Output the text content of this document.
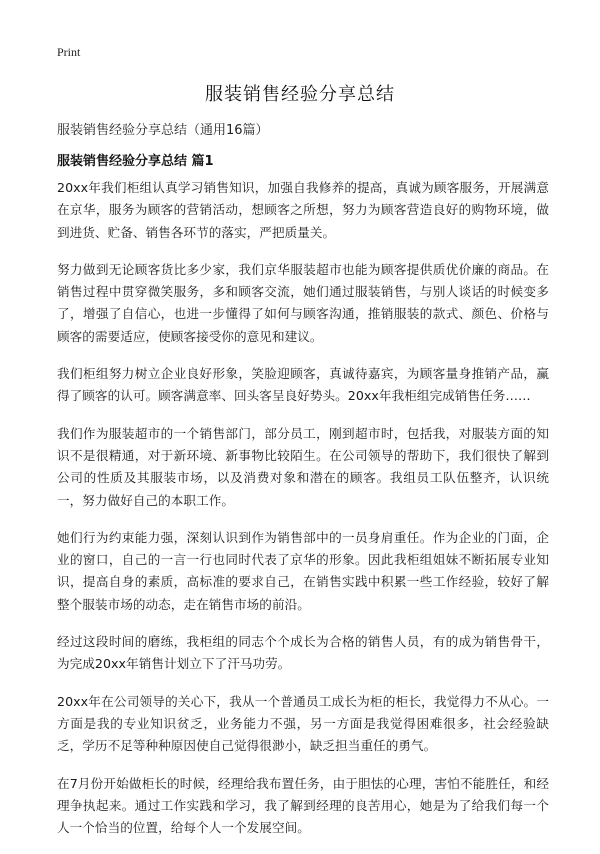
Print
服装销售经验分享总结
服装销售经验分享总结（通用16篇）
服装销售经验分享总结 篇1

20xx年我们柜组认真学习销售知识，加强自我修养的提高，真诚为顾客服务，开展满意在京华，服务为顾客的营销活动，想顾客之所想，努力为顾客营造良好的购物环境，做到进货、贮备、销售各环节的落实，严把质量关。

努力做到无论顾客货比多少家，我们京华服装超市也能为顾客提供质优价廉的商品。在销售过程中贯穿微笑服务，多和顾客交流，她们通过服装销售，与别人谈话的时候变多了，增强了自信心，也进一步懂得了如何与顾客沟通，推销服装的款式、颜色、价格与顾客的需要适应，使顾客接受你的意见和建议。

我们柜组努力树立企业良好形象，笑脸迎顾客，真诚待嘉宾，为顾客量身推销产品，赢得了顾客的认可。顾客满意率、回头客呈良好势头。20xx年我柜组完成销售任务……

我们作为服装超市的一个销售部门，部分员工，刚到超市时，包括我，对服装方面的知识不是很精通，对于新环境、新事物比较陌生。在公司领导的帮助下，我们很快了解到公司的性质及其服装市场，以及消费对象和潜在的顾客。我组员工队伍整齐，认识统一，努力做好自己的本职工作。

她们行为约束能力强，深刻认识到作为销售部中的一员身肩重任。作为企业的门面，企业的窗口，自己的一言一行也同时代表了京华的形象。因此我柜组姐妹不断拓展专业知识，提高自身的素质，高标准的要求自己，在销售实践中积累一些工作经验，较好了解整个服装市场的动态，走在销售市场的前沿。

经过这段时间的磨练，我柜组的同志个个成长为合格的销售人员，有的成为销售骨干，为完成20xx年销售计划立下了汗马功劳。

20xx年在公司领导的关心下，我从一个普通员工成长为柜的柜长，我觉得力不从心。一方面是我的专业知识贫乏，业务能力不强，另一方面是我觉得困难很多，社会经验缺乏，学历不足等种种原因使自己觉得很渺小，缺乏担当重任的勇气。

在7月份开始做柜长的时候，经理给我布置任务，由于胆怯的心理，害怕不能胜任，和经理争执起来。通过工作实践和学习，我了解到经理的良苦用心，她是为了给我们每一个人一个恰当的位置，给每个人一个发展空间。
